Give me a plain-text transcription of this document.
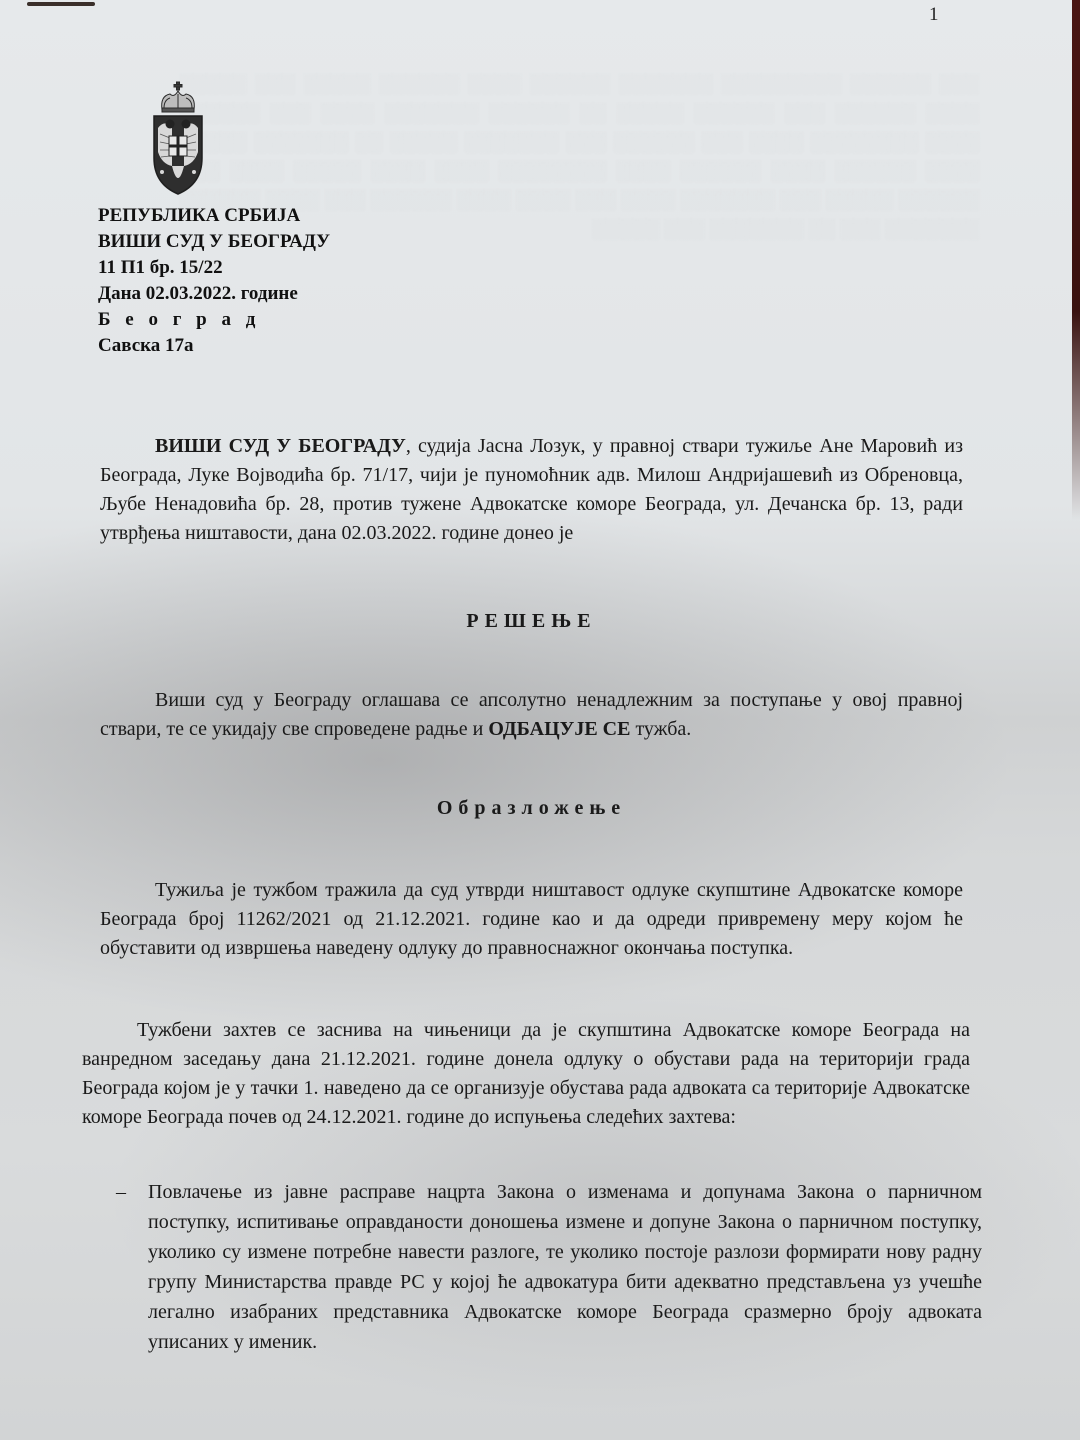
░░░ ░░░░░░ ░░░░░░░░░ ░░░░░░░ ░░░░░░ ░░░░ ░░░░░░ ░░░░░ ░░░ ░░░░░ ░░░░ ░░░░░░ ░░░ ░░░░░░ ░░░░░ ░░ ░░░░░░ ░░░░░░░ ░░░░ ░░░ ░░░░░░ ░░░░ ░░░░░░░░ ░░░░ ░░░ ░░░░░░ ░░░ ░░░░░░░ ░░░░░ ░░ ░░░░░░░ ░░░░░ ░░░░ ░░░░░░ ░░░░ ░░░░░░ ░░░░ ░░░░░░░░ ░░░░ ░░░░ ░░░░░ ░░░░ ░░░ ░░░░░░ ░░░░░ ░░░ ░░░░░░░ ░░░░ ░░░ ░░░░ ░░░░ ░░░░░░ ░░░ ░░░░ ░░░░░░ ░░░░░░░ ░░░ ░░ ░░░░░░░ ░░░ ░░░░░
1
РЕПУБЛИКА СРБИЈА
ВИШИ СУД У БЕОГРАДУ
11 П1 бр. 15/22
Дана 02.03.2022. године
Б е о г р а д
Савска 17а
ВИШИ СУД У БЕОГРАДУ, судија Јасна Лозук, у правној ствари тужиље Ане Маровић из Београда, Луке Војводића бр. 71/17, чији је пуномоћник адв. Милош Андријашевић из Обреновца, Љубе Ненадовића бр. 28, против тужене Адвокатске коморе Београда, ул. Дечанска бр. 13, ради утврђења ништавости, дана 02.03.2022. године донео је
РЕШЕЊЕ
Виши суд у Београду оглашава се апсолутно ненадлежним за поступање у овој правној ствари, те се укидају све спроведене радње и ОДБАЦУЈЕ СЕ тужба.
Образложење
Тужиља је тужбом тражила да суд утврди ништавост одлуке скупштине Адвокатске коморе Београда број 11262/2021 од 21.12.2021. године као и да одреди привремену меру којом ће обуставити од извршења наведену одлуку до правноснажног окончања поступка.
Тужбени захтев се заснива на чињеници да је скупштина Адвокатске коморе Београда на ванредном заседању дана 21.12.2021. године донела одлуку о обустави рада на територији града Београда којом је у тачки 1. наведено да се организује обустава рада адвоката са територије Адвокатске коморе Београда почев од 24.12.2021. године до испуњења следећих захтева:
–	Повлачење из јавне расправе нацрта Закона о изменама и допунама Закона о парничном поступку, испитивање оправданости доношења измене и допуне Закона о парничном поступку, уколико су измене потребне навести разлоге, те уколико постоје разлози формирати нову радну групу Министарства правде РС у којој ће адвокатура бити адекватно представљена уз учешће легално изабраних представника Адвокатске коморе Београда сразмерно броју адвоката уписаних у именик.
